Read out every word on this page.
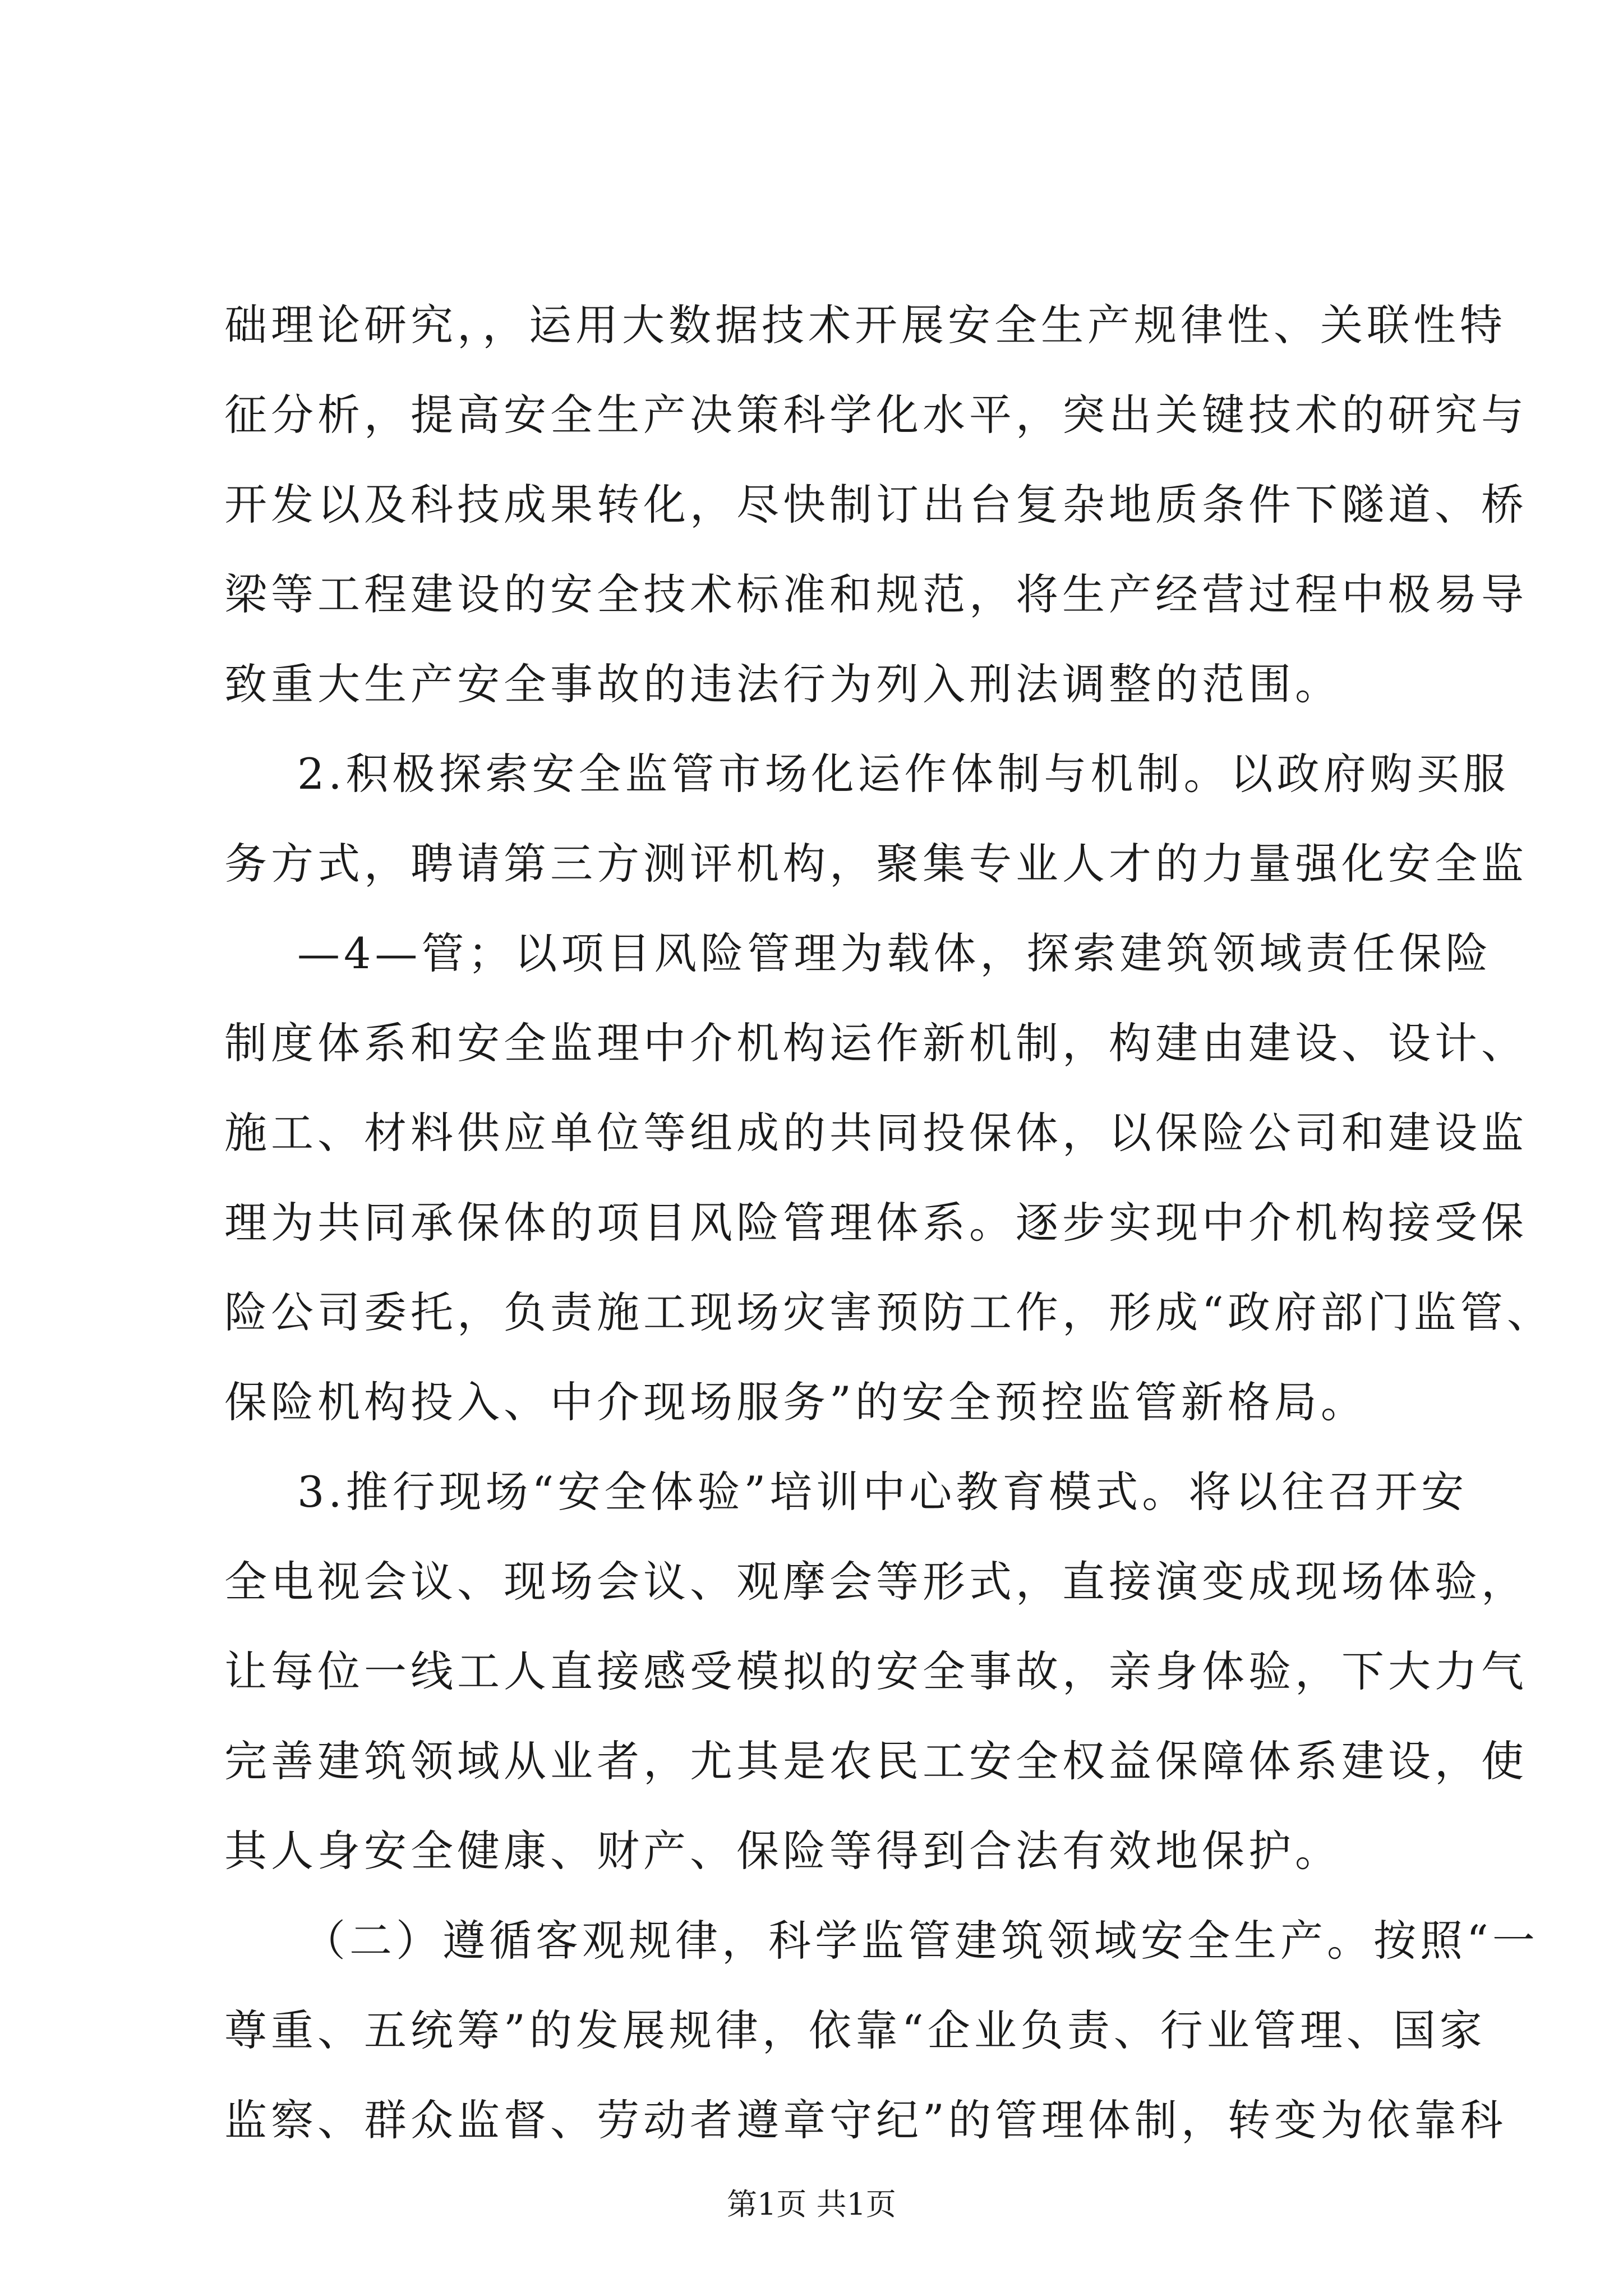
础理论研究，，运用大数据技术开展安全生产规律性、关联性特
征分析，提高安全生产决策科学化水平，突出关键技术的研究与
开发以及科技成果转化，尽快制订出台复杂地质条件下隧道、桥
梁等工程建设的安全技术标准和规范，将生产经营过程中极易导
致重大生产安全事故的违法行为列入刑法调整的范围。
2.积极探索安全监管市场化运作体制与机制。以政府购买服
务方式，聘请第三方测评机构，聚集专业人才的力量强化安全监
—4—管；以项目风险管理为载体，探索建筑领域责任保险
制度体系和安全监理中介机构运作新机制，构建由建设、设计、
施工、材料供应单位等组成的共同投保体，以保险公司和建设监
理为共同承保体的项目风险管理体系。逐步实现中介机构接受保
险公司委托，负责施工现场灾害预防工作，形成“政府部门监管、
保险机构投入、中介现场服务”的安全预控监管新格局。
3.推行现场“安全体验”培训中心教育模式。将以往召开安
全电视会议、现场会议、观摩会等形式，直接演变成现场体验，
让每位一线工人直接感受模拟的安全事故，亲身体验，下大力气
完善建筑领域从业者，尤其是农民工安全权益保障体系建设，使
其人身安全健康、财产、保险等得到合法有效地保护。
（二）遵循客观规律，科学监管建筑领域安全生产。按照“一
尊重、五统筹”的发展规律，依靠“企业负责、行业管理、国家
监察、群众监督、劳动者遵章守纪”的管理体制，转变为依靠科
第1页 共1页
